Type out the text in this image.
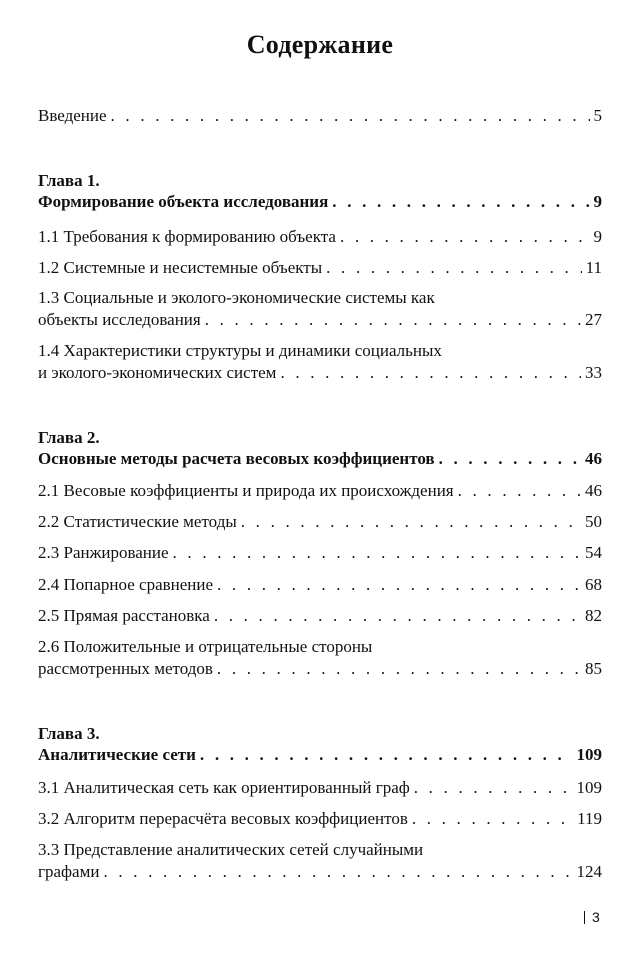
Содержание
Введение . . .	5
Глава 1.
Формирование объекта исследования . . .	9
1.1 Требования к формированию объекта . . .	9
1.2 Системные и несистемные объекты . . .	11
1.3 Социальные и эколого-экономические системы как
объекты исследования . . .	27
1.4 Характеристики структуры и динамики социальных
и эколого-экономических систем . . .	33
Глава 2.
Основные методы расчета весовых коэффициентов . . .	46
2.1 Весовые коэффициенты и природа их происхождения . . .	46
2.2 Статистические методы . . .	50
2.3 Ранжирование . . .	54
2.4 Попарное сравнение . . .	68
2.5 Прямая расстановка . . .	82
2.6 Положительные и отрицательные стороны
рассмотренных методов . . .	85
Глава 3.
Аналитические сети . . .	109
3.1 Аналитическая сеть как ориентированный граф . . .	109
3.2 Алгоритм перерасчёта весовых коэффициентов . . .	119
3.3 Представление аналитических сетей случайными
графами . . .	124
3
